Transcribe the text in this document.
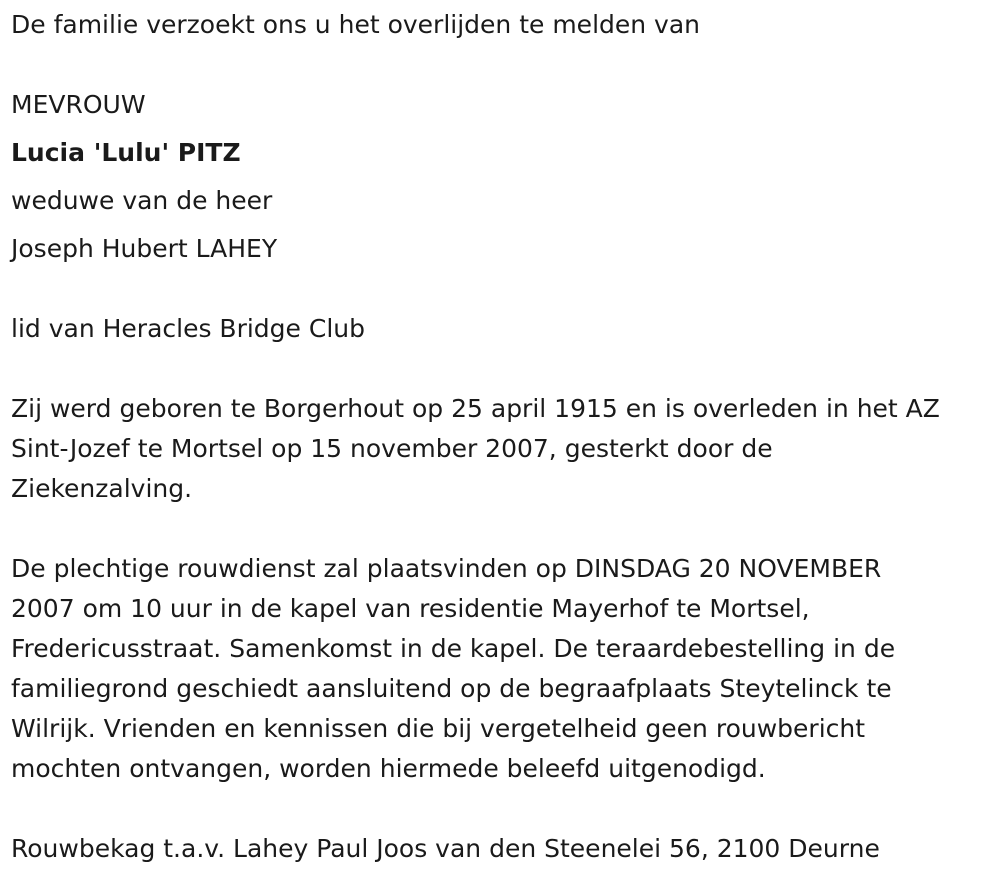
De familie verzoekt ons u het overlijden te melden van
MEVROUW
Lucia 'Lulu' PITZ
weduwe van de heer
Joseph Hubert LAHEY
lid van Heracles Bridge Club
Zij werd geboren te Borgerhout op 25 april 1915 en is overleden in het AZ
Sint-Jozef te Mortsel op 15 november 2007, gesterkt door de
Ziekenzalving.
De plechtige rouwdienst zal plaatsvinden op DINSDAG 20 NOVEMBER
2007 om 10 uur in de kapel van residentie Mayerhof te Mortsel,
Fredericusstraat. Samenkomst in de kapel. De teraardebestelling in de
familiegrond geschiedt aansluitend op de begraafplaats Steytelinck te
Wilrijk. Vrienden en kennissen die bij vergetelheid geen rouwbericht
mochten ontvangen, worden hiermede beleefd uitgenodigd.
Rouwbekag t.a.v. Lahey Paul Joos van den Steenelei 56, 2100 Deurne
